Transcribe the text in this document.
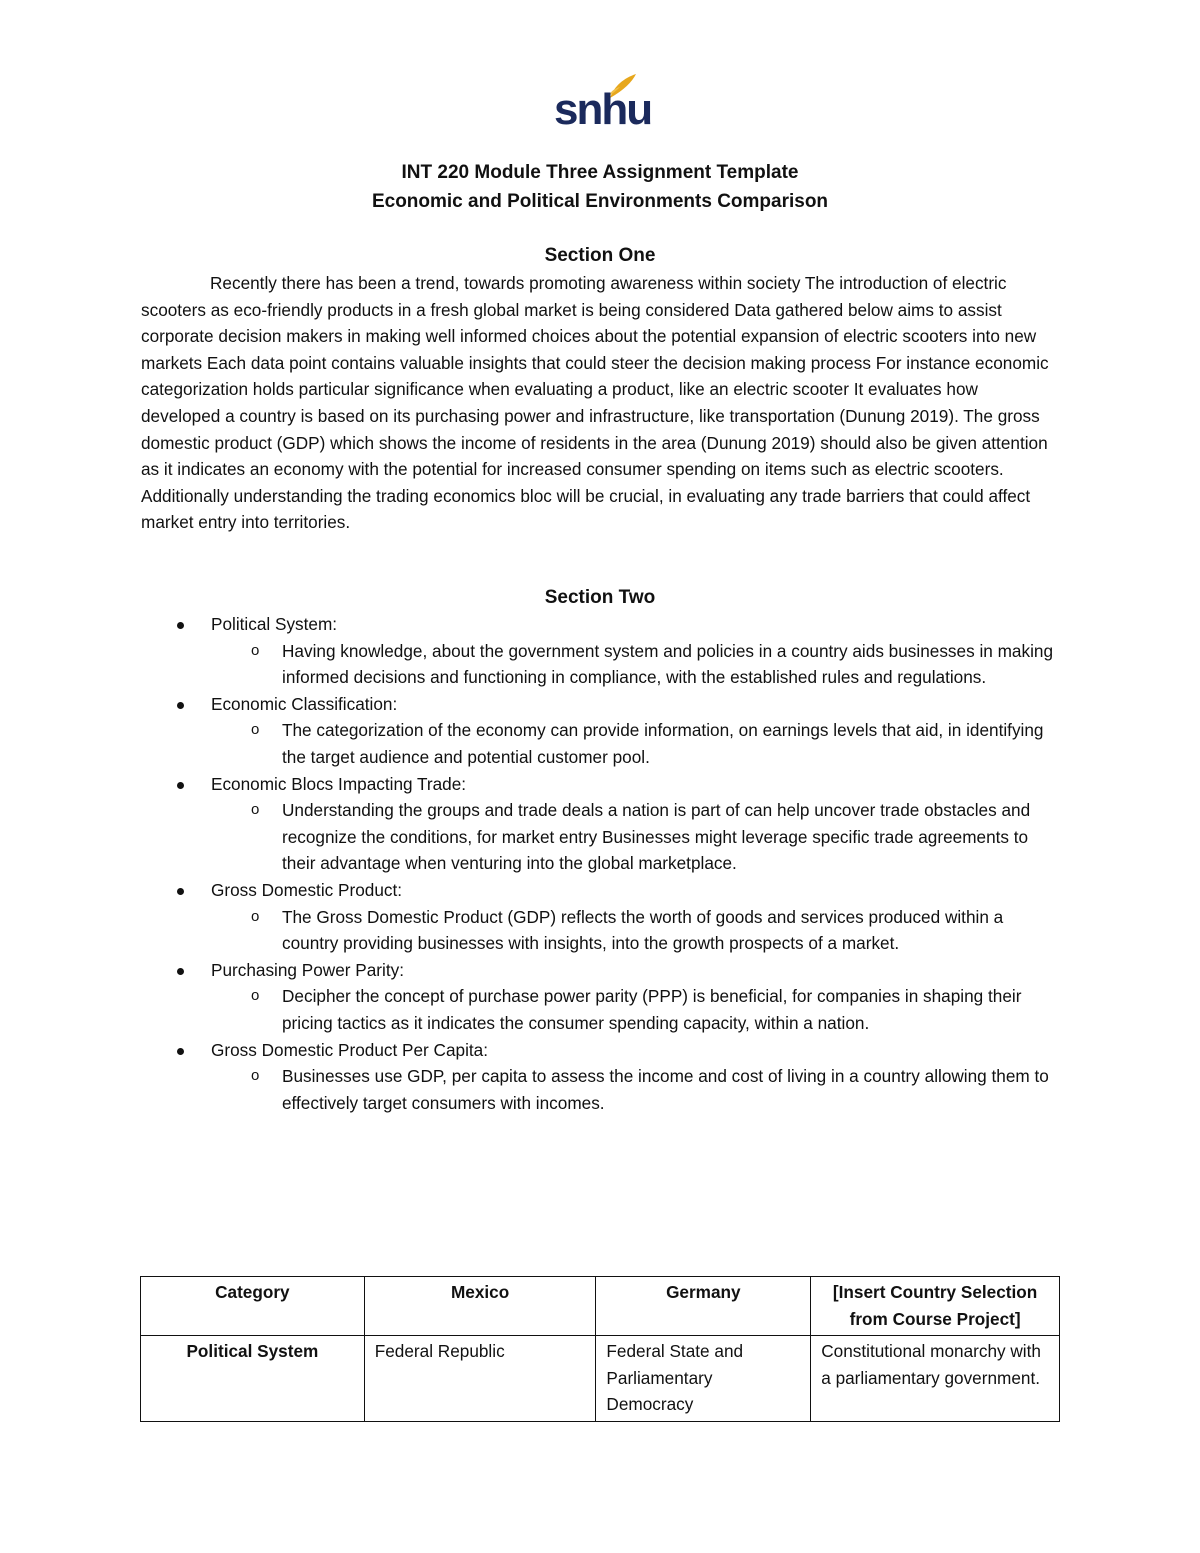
snhu
INT 220 Module Three Assignment Template
Economic and Political Environments Comparison
Section One

Recently there has been a trend, towards promoting awareness within society The introduction of electric scooters as eco-friendly products in a fresh global market is being considered Data gathered below aims to assist corporate decision makers in making well informed choices about the potential expansion of electric scooters into new markets Each data point contains valuable insights that could steer the decision making process For instance economic categorization holds particular significance when evaluating a product, like an electric scooter It evaluates how developed a country is based on its purchasing power and infrastructure, like transportation (Dunung 2019). The gross domestic product (GDP) which shows the income of residents in the area (Dunung 2019) should also be given attention as it indicates an economy with the potential for increased consumer spending on items such as electric scooters. Additionally understanding the trading economics bloc will be crucial, in evaluating any trade barriers that could affect market entry into territories.

Section Two
Political System:
o Having knowledge, about the government system and policies in a country aids businesses in making informed decisions and functioning in compliance, with the established rules and regulations.
Economic Classification:
o The categorization of the economy can provide information, on earnings levels that aid, in identifying the target audience and potential customer pool.
Economic Blocs Impacting Trade:
o Understanding the groups and trade deals a nation is part of can help uncover trade obstacles and recognize the conditions, for market entry Businesses might leverage specific trade agreements to their advantage when venturing into the global marketplace.
Gross Domestic Product:
o The Gross Domestic Product (GDP) reflects the worth of goods and services produced within a country providing businesses with insights, into the growth prospects of a market.
Purchasing Power Parity:
o Decipher the concept of purchase power parity (PPP) is beneficial, for companies in shaping their pricing tactics as it indicates the consumer spending capacity, within a nation.
Gross Domestic Product Per Capita:
o Businesses use GDP, per capita to assess the income and cost of living in a country allowing them to effectively target consumers with incomes.
Category	Mexico	Germany	[Insert Country Selection from Course Project]
Political System	Federal Republic	Federal State and Parliamentary Democracy	Constitutional monarchy with a parliamentary government.
